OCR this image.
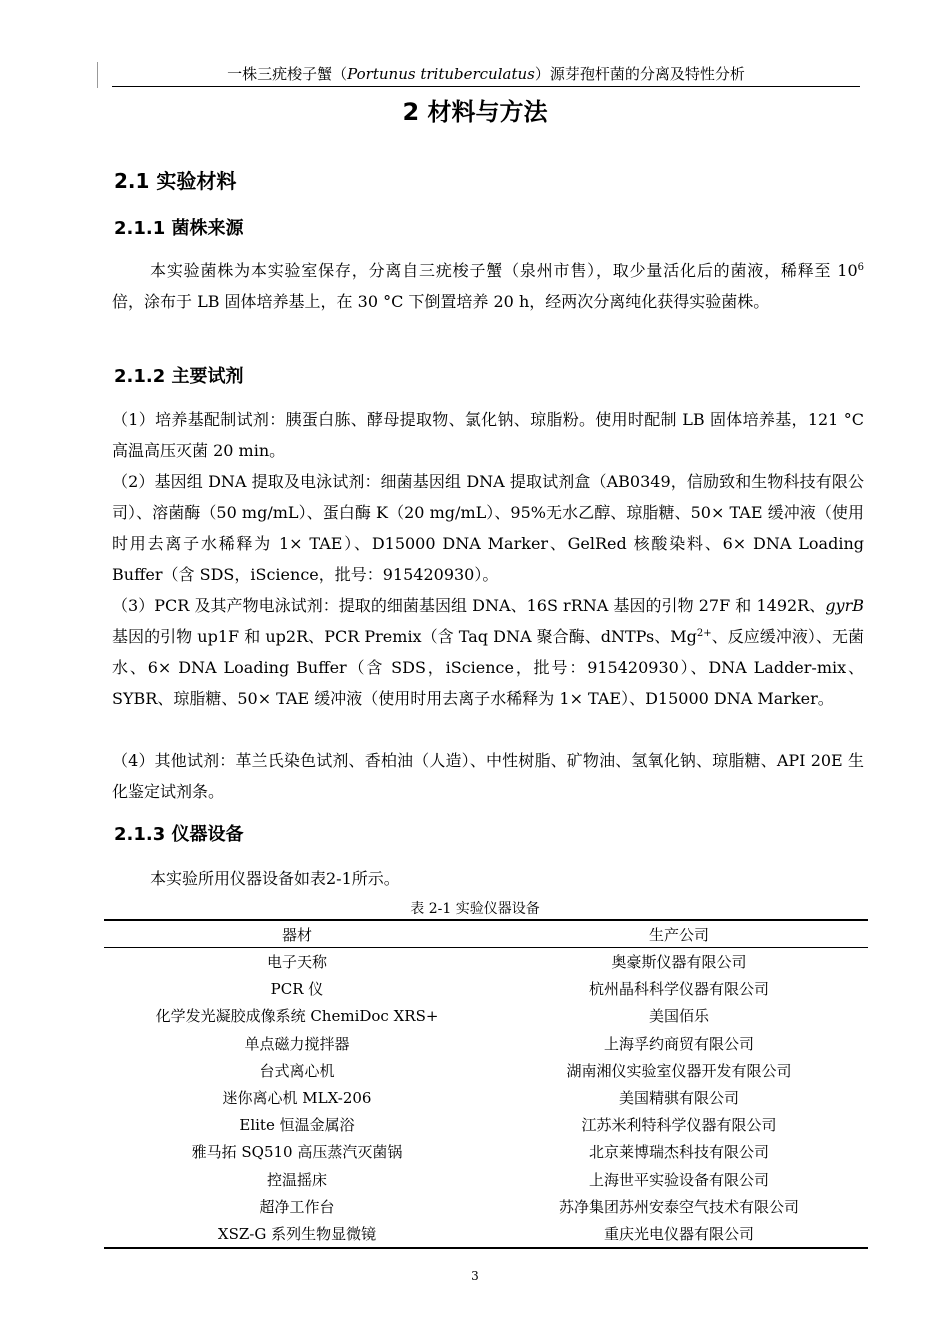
一株三疣梭子蟹（Portunus trituberculatus）源芽孢杆菌的分离及特性分析
2 材料与方法
2.1 实验材料
2.1.1 菌株来源
本实验菌株为本实验室保存，分离自三疣梭子蟹（泉州市售），取少量活化后的菌液，稀释至 $10^6$ 倍，涂布于 LB 固体培养基上，在 30 °C 下倒置培养 20 h，经两次分离纯化获得实验菌株。
2.1.2 主要试剂
（1）培养基配制试剂：胰蛋白胨、酵母提取物、氯化钠、琼脂粉。使用时配制 LB 固体培养基，121 °C 高温高压灭菌 20 min。
（2）基因组 DNA 提取及电泳试剂：细菌基因组 DNA 提取试剂盒（AB0349，信励致和生物科技有限公司）、溶菌酶（50 mg/mL）、蛋白酶 K（20 mg/mL）、95%无水乙醇、琼脂糖、50× TAE 缓冲液（使用时用去离子水稀释为 1× TAE）、D15000 DNA Marker、GelRed 核酸染料、6× DNA Loading Buffer（含 SDS，iScience，批号：915420930）。
（3）PCR 及其产物电泳试剂：提取的细菌基因组 DNA、16S rRNA 基因的引物 27F 和 1492R、gyrB 基因的引物 up1F 和 up2R、PCR Premix（含 Taq DNA 聚合酶、dNTPs、$Mg^{2+}$、反应缓冲液）、无菌水、6× DNA Loading Buffer（含 SDS，iScience，批号：915420930）、DNA Ladder-mix、SYBR、琼脂糖、50× TAE 缓冲液（使用时用去离子水稀释为 1× TAE）、D15000 DNA Marker。
（4）其他试剂：革兰氏染色试剂、香柏油（人造）、中性树脂、矿物油、氢氧化钠、琼脂糖、API 20E 生化鉴定试剂条。
2.1.3 仪器设备
本实验所用仪器设备如表2-1所示。
表 2-1 实验仪器设备
器材	生产公司
电子天称	奥豪斯仪器有限公司
PCR 仪	杭州晶科科学仪器有限公司
化学发光凝胶成像系统 ChemiDoc XRS+	美国佰乐
单点磁力搅拌器	上海孚约商贸有限公司
台式离心机	湖南湘仪实验室仪器开发有限公司
迷你离心机 MLX-206	美国精骐有限公司
Elite 恒温金属浴	江苏米利特科学仪器有限公司
雅马拓 SQ510 高压蒸汽灭菌锅	北京莱博瑞杰科技有限公司
控温摇床	上海世平实验设备有限公司
超净工作台	苏净集团苏州安泰空气技术有限公司
XSZ-G 系列生物显微镜	重庆光电仪器有限公司
3
